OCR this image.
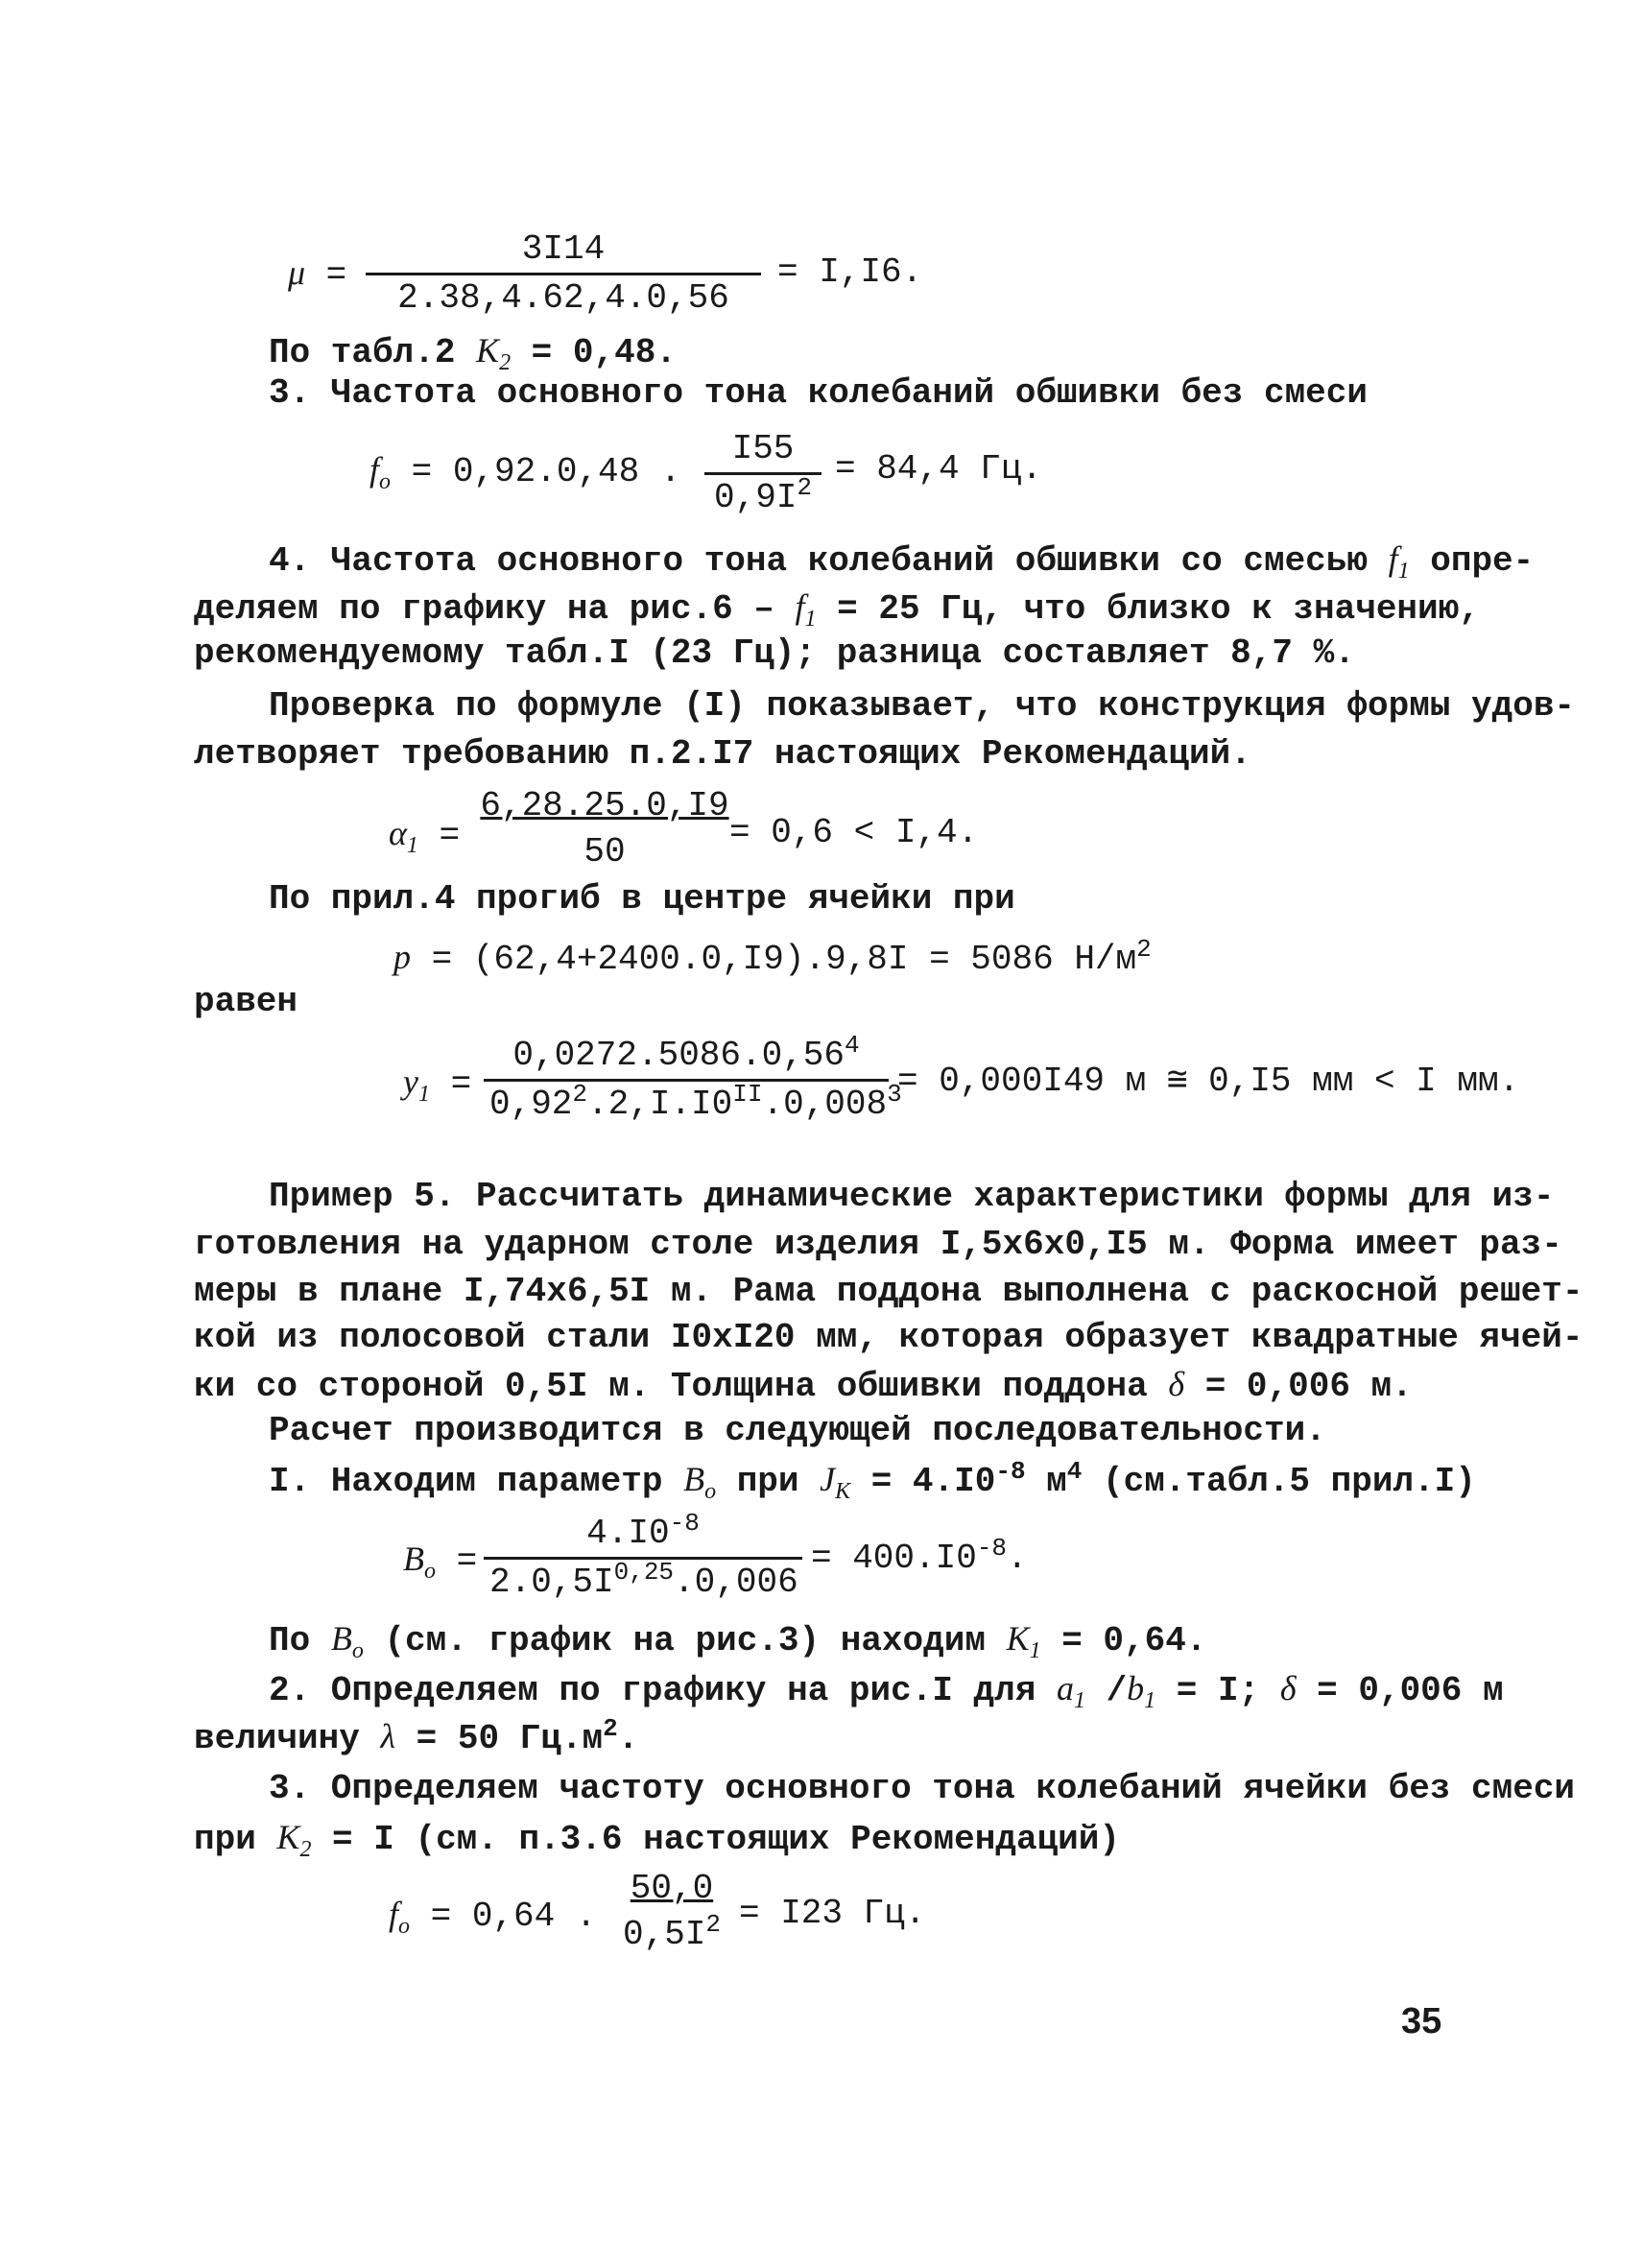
$\mu = \frac{3I14}{2.38,4.62,4.0,56} = I,I6$.
По табл.2 $K_2 = 0,48$.
3. Частота основного тона колебаний обшивки без смеси
$f_o = 0,92.0,48$ . $\frac{I55}{0,9I^2} = 84,4$ Гц.
4. Частота основного тона колебаний обшивки со смесью $f_1$ опре-
деляем по графику на $рис.6 - f_1 = 25$ Гц, что близко к значению,
рекомендуемому табл.I (23 Гц); разница составляет 8,7 %.
Проверка по формуле (I) показывает, что конструкция формы удов-
летворяет требованию п.2.I7 настоящих Рекомендаций.
$\alpha_1 = \frac{6,28.25.0,I9}{50} = 0,6 < I,4$.
По прил.4 прогиб в центре ячейки при
p = (62,4+2400.0,I9).9,8I = 5086 $Н/м^2$
равен
$y_1 = \frac{0,0272.5086.0,56^4}{0,92^2.2,I.I0^{II}.0,008^3} = 0,000I49$ м ≅ 0,I5 мм < I мм.
Пример 5. Рассчитать динамические характеристики формы для из-
готовления на ударном столе изделия I,5х6х0,I5 м. Форма имеет раз-
меры в плане I,74х6,5I м. Рама поддона выполнена с раскосной решет-
кой из полосовой стали I0хI20 мм, которая образует квадратные ячей-
ки со стороной 0,5I м. Толщина обшивки поддона δ = 0,006 м.
Расчет производится в следующей последовательности.
I. Находим параметр $B_o$ при $J_K = 4.I0^{-8}$ $м^4$ (см.табл.5 прил.I)
$B_o = \frac{4.I0^{-8}}{2.0,5I^{0,25}.0,006} = 400.I0^{-8}$.
По $B_o$ (см. график на рис.3) находим $K_1 = 0,64$.
2. Определяем по графику на рис.I для $a_1$ $/b_1 = I$; δ = 0,006 м
величину λ = 50 $Гц.м^2$.
3. Определяем частоту основного тона колебаний ячейки без смеси
при $K_2 = I$ (см. п.3.6 настоящих Рекомендаций)
$f_o = 0,64$ . $\frac{50,0}{0,5I^2} = I23$ Гц.
35
